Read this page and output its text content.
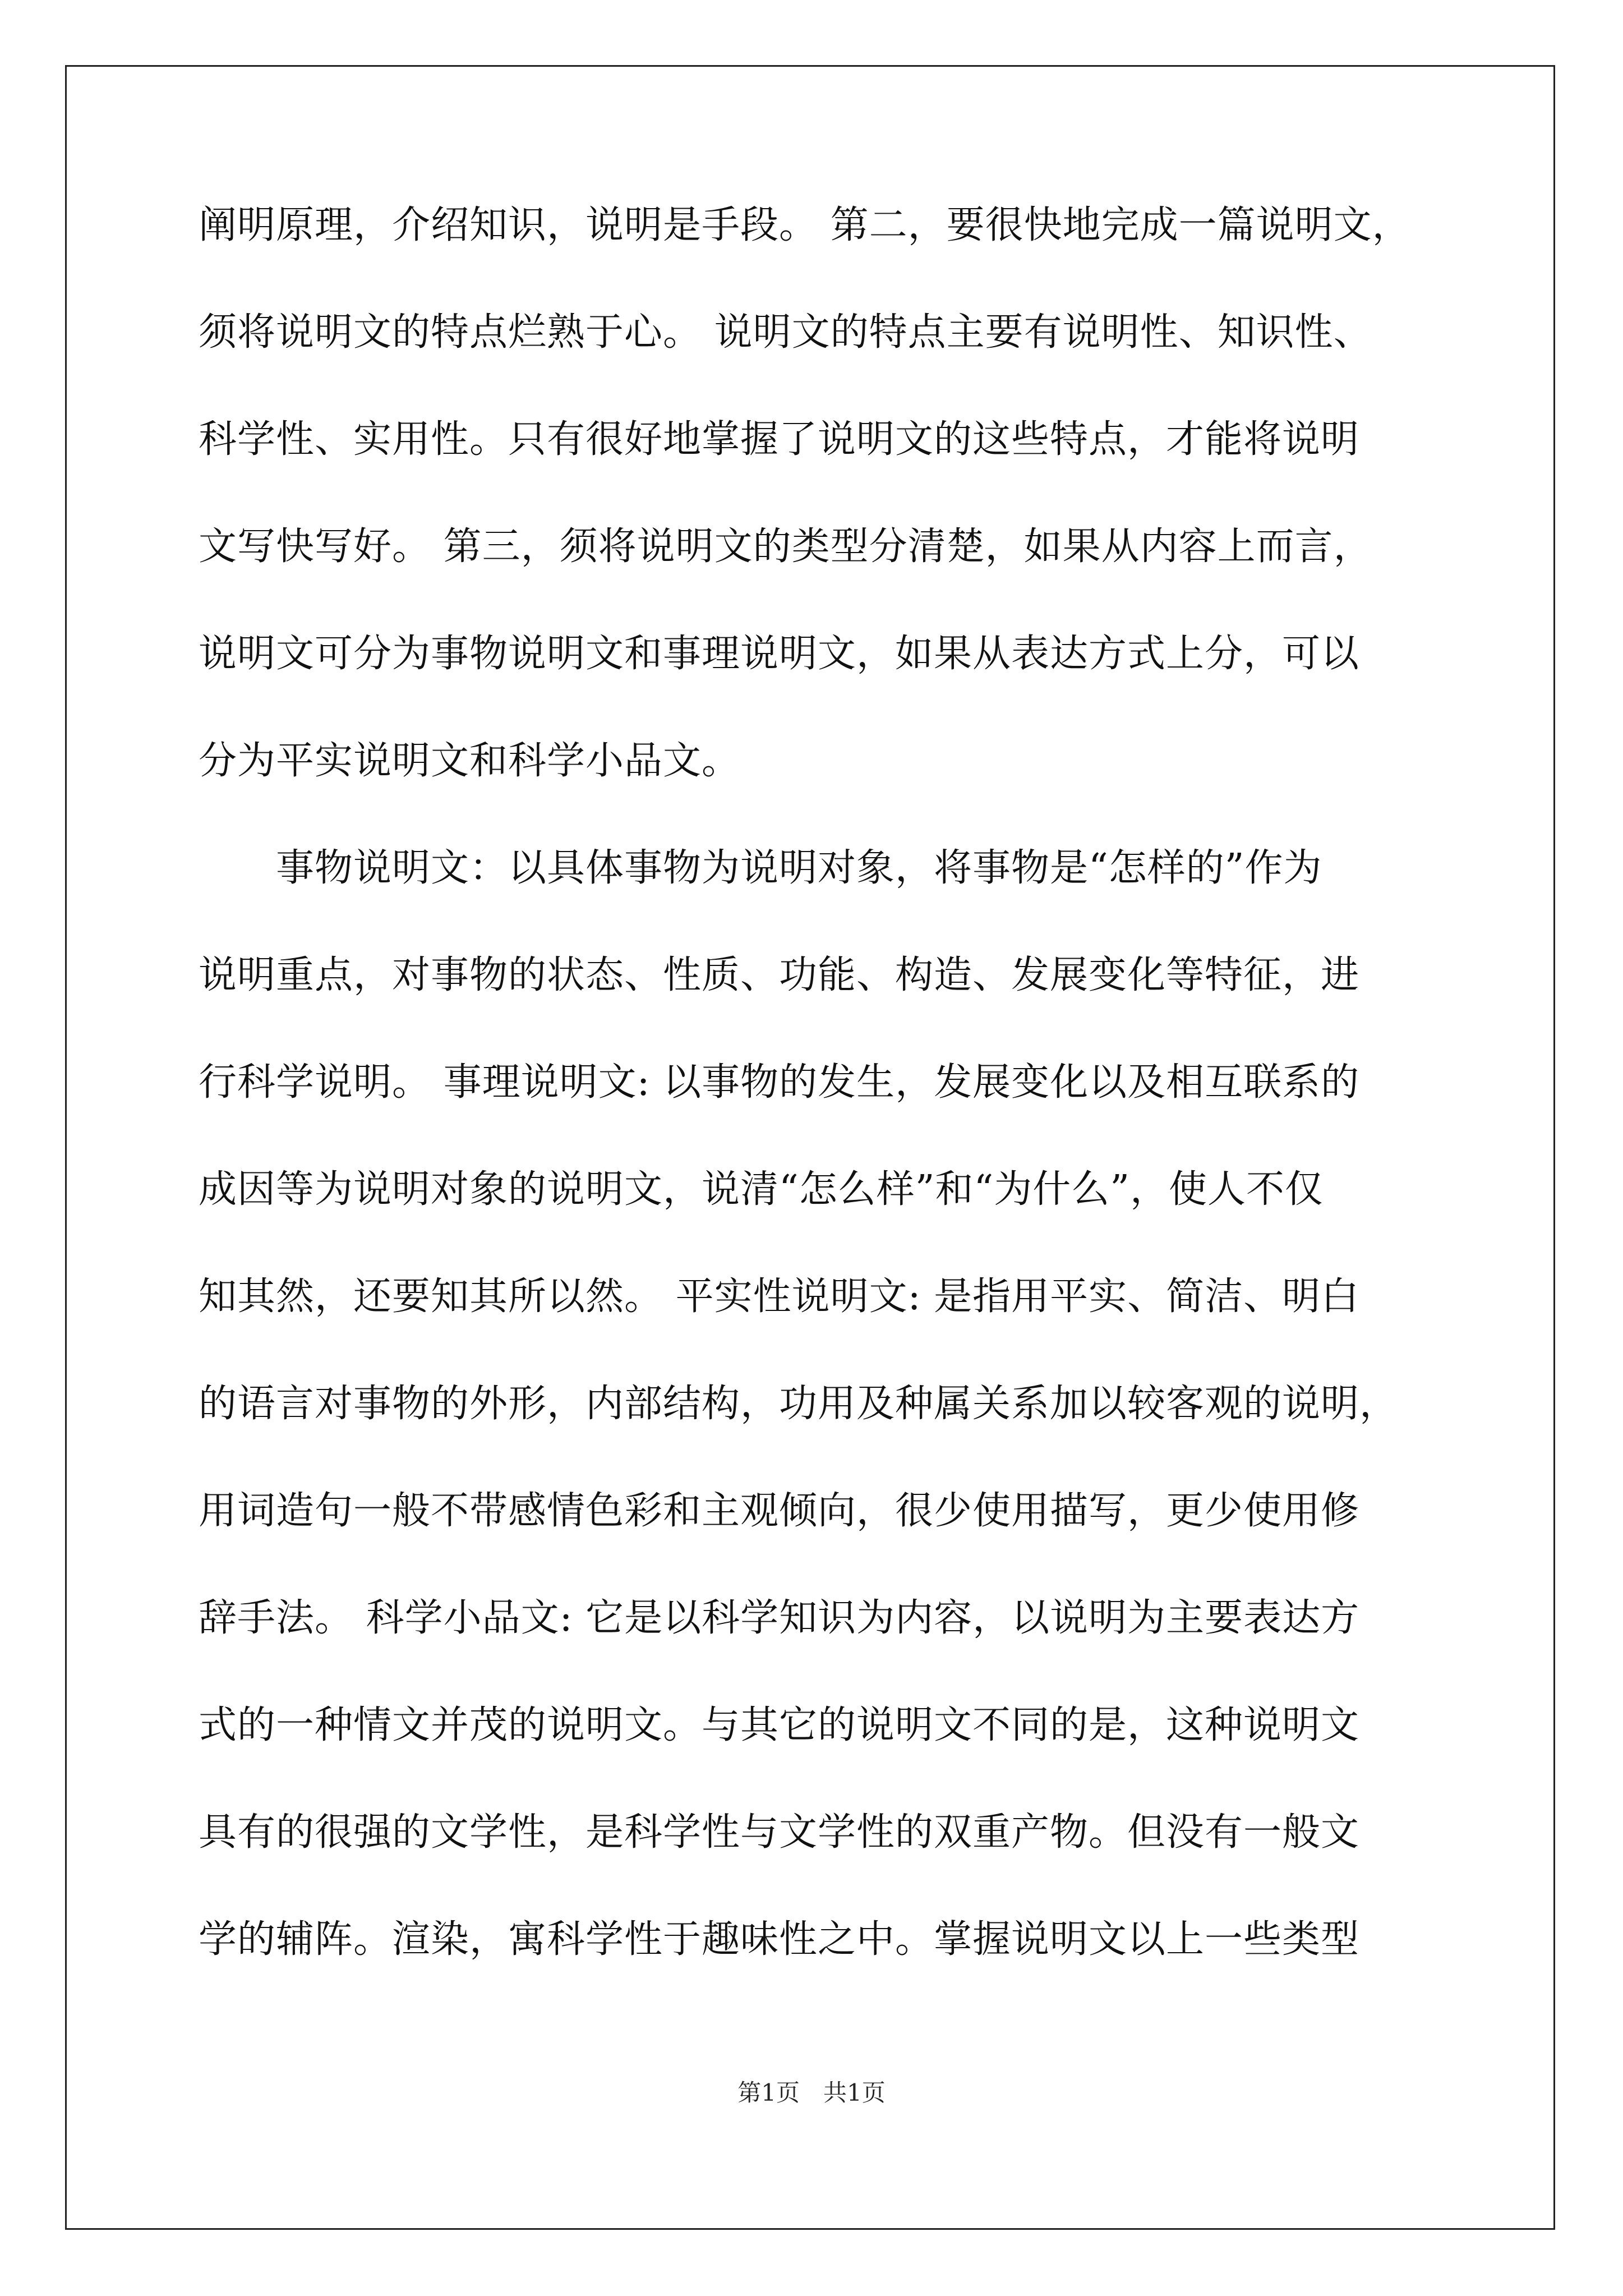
阐明原理，介绍知识，说明是手段。 第二，要很快地完成一篇说明文，
须将说明文的特点烂熟于心。 说明文的特点主要有说明性、知识性、
科学性、实用性。只有很好地掌握了说明文的这些特点，才能将说明
文写快写好。 第三，须将说明文的类型分清楚，如果从内容上而言，
说明文可分为事物说明文和事理说明文，如果从表达方式上分，可以
分为平实说明文和科学小品文。
　　事物说明文：以具体事物为说明对象，将事物是“怎样的”作为
说明重点，对事物的状态、性质、功能、构造、发展变化等特征，进
行科学说明。 事理说明文: 以事物的发生，发展变化以及相互联系的
成因等为说明对象的说明文，说清“怎么样”和“为什么”，使人不仅
知其然，还要知其所以然。 平实性说明文: 是指用平实、简洁、明白
的语言对事物的外形，内部结构，功用及种属关系加以较客观的说明，
用词造句一般不带感情色彩和主观倾向，很少使用描写，更少使用修
辞手法。 科学小品文: 它是以科学知识为内容，以说明为主要表达方
式的一种情文并茂的说明文。与其它的说明文不同的是，这种说明文
具有的很强的文学性，是科学性与文学性的双重产物。但没有一般文
学的辅阵。渲染，寓科学性于趣味性之中。掌握说明文以上一些类型
第1页　共1页
